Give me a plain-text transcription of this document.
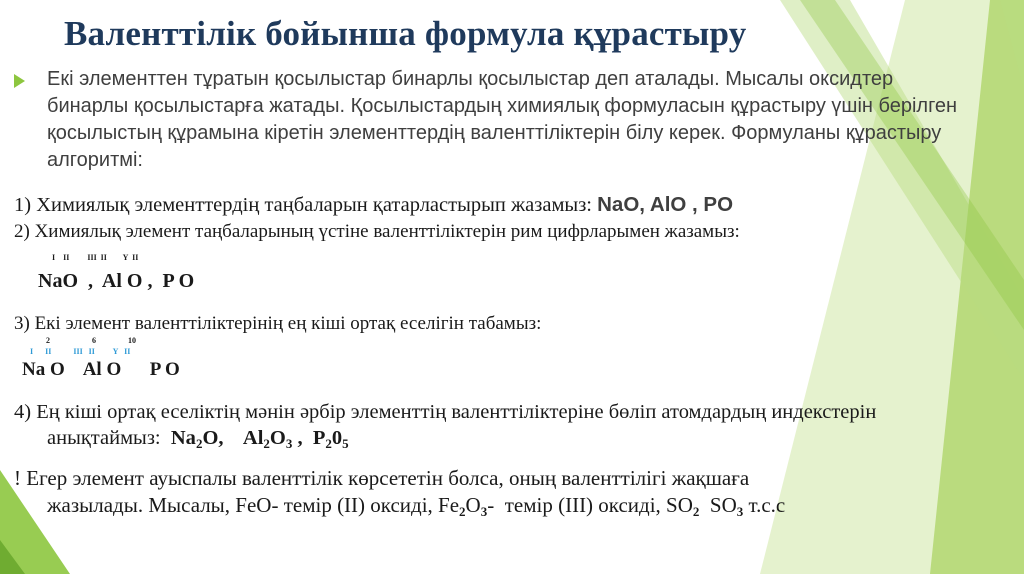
Валенттілік бойынша формула құрастыру
Екі элементтен тұратын қосылыстар бинарлы қосылыстар деп аталады. Мысалы оксидтер бинарлы қосылыстарға жатады. Қосылыстардың химиялық формуласын құрастыру үшін берілген қосылыстың құрамына кіретін элементтердің валенттіліктерін білу керек. Формуланы құрастыру алгоритмі:
1) Химиялық элементтердің таңбаларын қатарластырып жазамыз: NaO, AlO , PO
2) Химиялық элемент таңбаларының үстіне валенттіліктерін рим цифрларымен жазамыз:
I    II         III  II        Y  II
NaO  ,  Al O ,  P O
3) Екі элемент валенттіліктерінің ең кіші ортақ еселігін табамыз:
2                     6                10
I      II           III   II         Y   II
Na O    Al O      P O
4) Ең кіші ортақ еселіктің мәнін әрбір элементтің валенттіліктеріне бөліп атомдардың индекстерін
анықтаймыз:  $Na_2O$,    $Al_2O_3$ ,  $P_20_5$
! Егер элемент ауыспалы валенттілік көрсететін болса, оның валенттілігі жақшаға
жазылады. Мысалы, FeO- темір (II) оксиді, $Fe_2O_3-$  темір (III) оксиді, $SO_2$  $SO_3$ т.с.с
